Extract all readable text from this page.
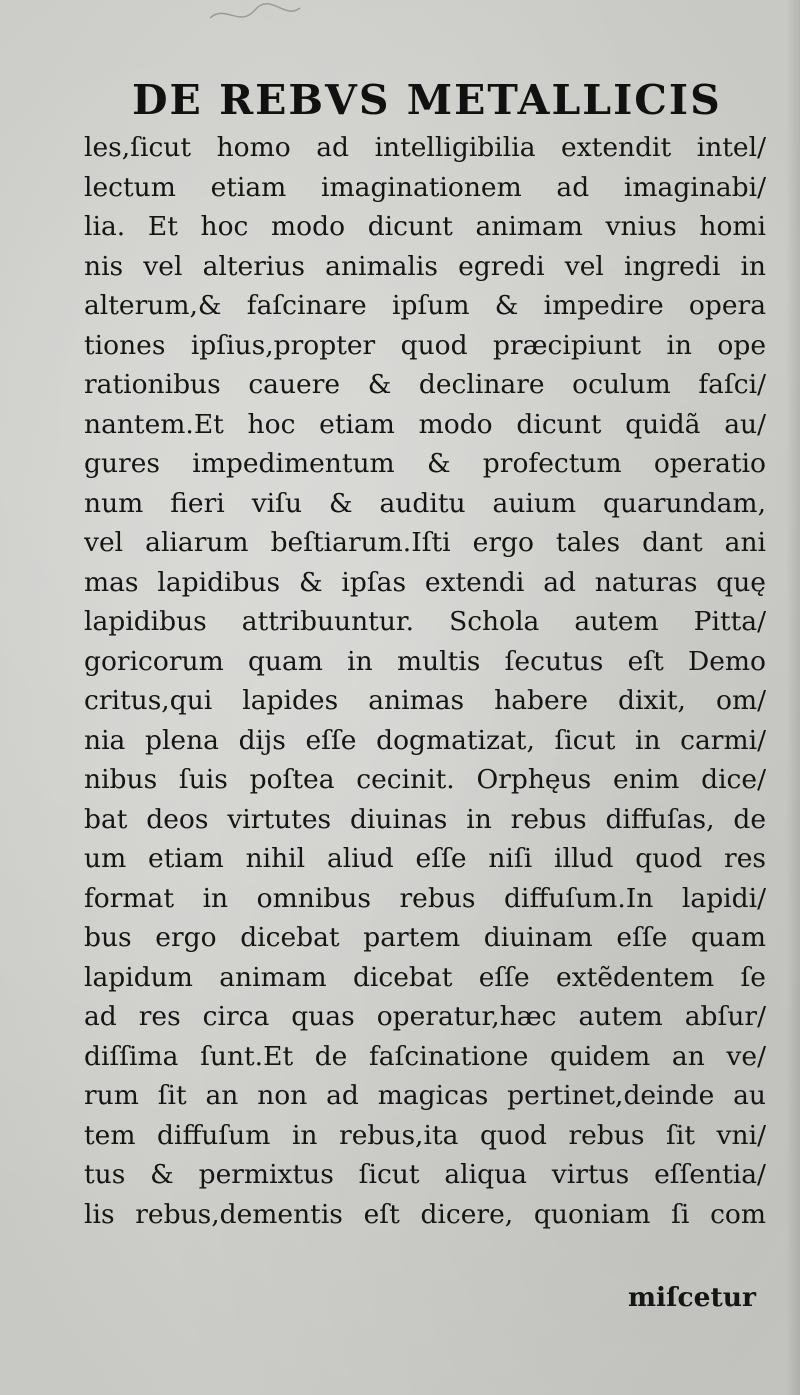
DE REBVS METALLICIS
les,ſicut homo ad intelligibilia extendit intel/
lectum etiam imaginationem ad imaginabi/
lia. Et hoc modo dicunt animam vnius homi
nis vel alterius animalis egredi vel ingredi in
alterum,& faſcinare ipſum & impedire opera
tiones ipſius,propter quod præcipiunt in ope
rationibus cauere & declinare oculum faſci/
nantem.Et hoc etiam modo dicunt quidã au/
gures impedimentum & profectum operatio
num fieri viſu & auditu auium quarundam,
vel aliarum beſtiarum.Iſti ergo tales dant ani
mas lapidibus & ipſas extendi ad naturas quę
lapidibus attribuuntur. Schola autem Pitta/
goricorum quam in multis ſecutus eſt Demo
critus,qui lapides animas habere dixit, om/
nia plena dijs eſſe dogmatizat, ſicut in carmi/
nibus ſuis poſtea cecinit. Orphęus enim dice/
bat deos virtutes diuinas in rebus diffuſas, de
um etiam nihil aliud eſſe niſi illud quod res
format in omnibus rebus diffuſum.In lapidi/
bus ergo dicebat partem diuinam eſſe quam
lapidum animam dicebat eſſe extẽdentem ſe
ad res circa quas operatur,hæc autem abſur/
diſſima ſunt.Et de faſcinatione quidem an ve/
rum ſit an non ad magicas pertinet,deinde au
tem diffuſum in rebus,ita quod rebus ſit vni/
tus & permixtus ſicut aliqua virtus eſſentia/
lis rebus,dementis eſt dicere, quoniam ſi com

miſcetur
